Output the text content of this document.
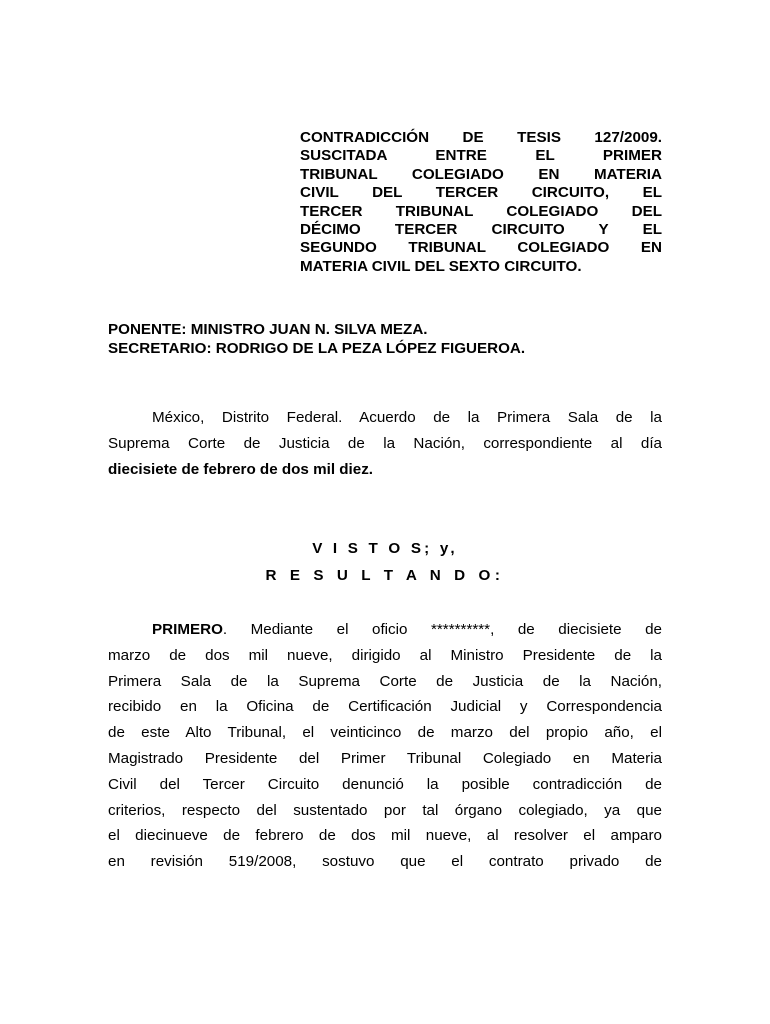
CONTRADICCIÓN DE TESIS 127/2009.
SUSCITADA ENTRE EL PRIMER
TRIBUNAL COLEGIADO EN MATERIA
CIVIL DEL TERCER CIRCUITO, EL
TERCER TRIBUNAL COLEGIADO DEL
DÉCIMO TERCER CIRCUITO Y EL
SEGUNDO TRIBUNAL COLEGIADO EN
MATERIA CIVIL DEL SEXTO CIRCUITO.
PONENTE: MINISTRO JUAN N. SILVA MEZA.
SECRETARIO: RODRIGO DE LA PEZA LÓPEZ FIGUEROA.
México, Distrito Federal. Acuerdo de la Primera Sala de la
Suprema Corte de Justicia de la Nación, correspondiente al día
diecisiete de febrero de dos mil diez.
V I S T O S; y,
R E S U L T A N D O:
PRIMERO. Mediante el oficio **********, de diecisiete de
marzo de dos mil nueve, dirigido al Ministro Presidente de la
Primera Sala de la Suprema Corte de Justicia de la Nación,
recibido en la Oficina de Certificación Judicial y Correspondencia
de este Alto Tribunal, el veinticinco de marzo del propio año, el
Magistrado Presidente del Primer Tribunal Colegiado en Materia
Civil del Tercer Circuito denunció la posible contradicción de
criterios, respecto del sustentado por tal órgano colegiado, ya que
el diecinueve de febrero de dos mil nueve, al resolver el amparo
en revisión 519/2008, sostuvo que el contrato privado de
